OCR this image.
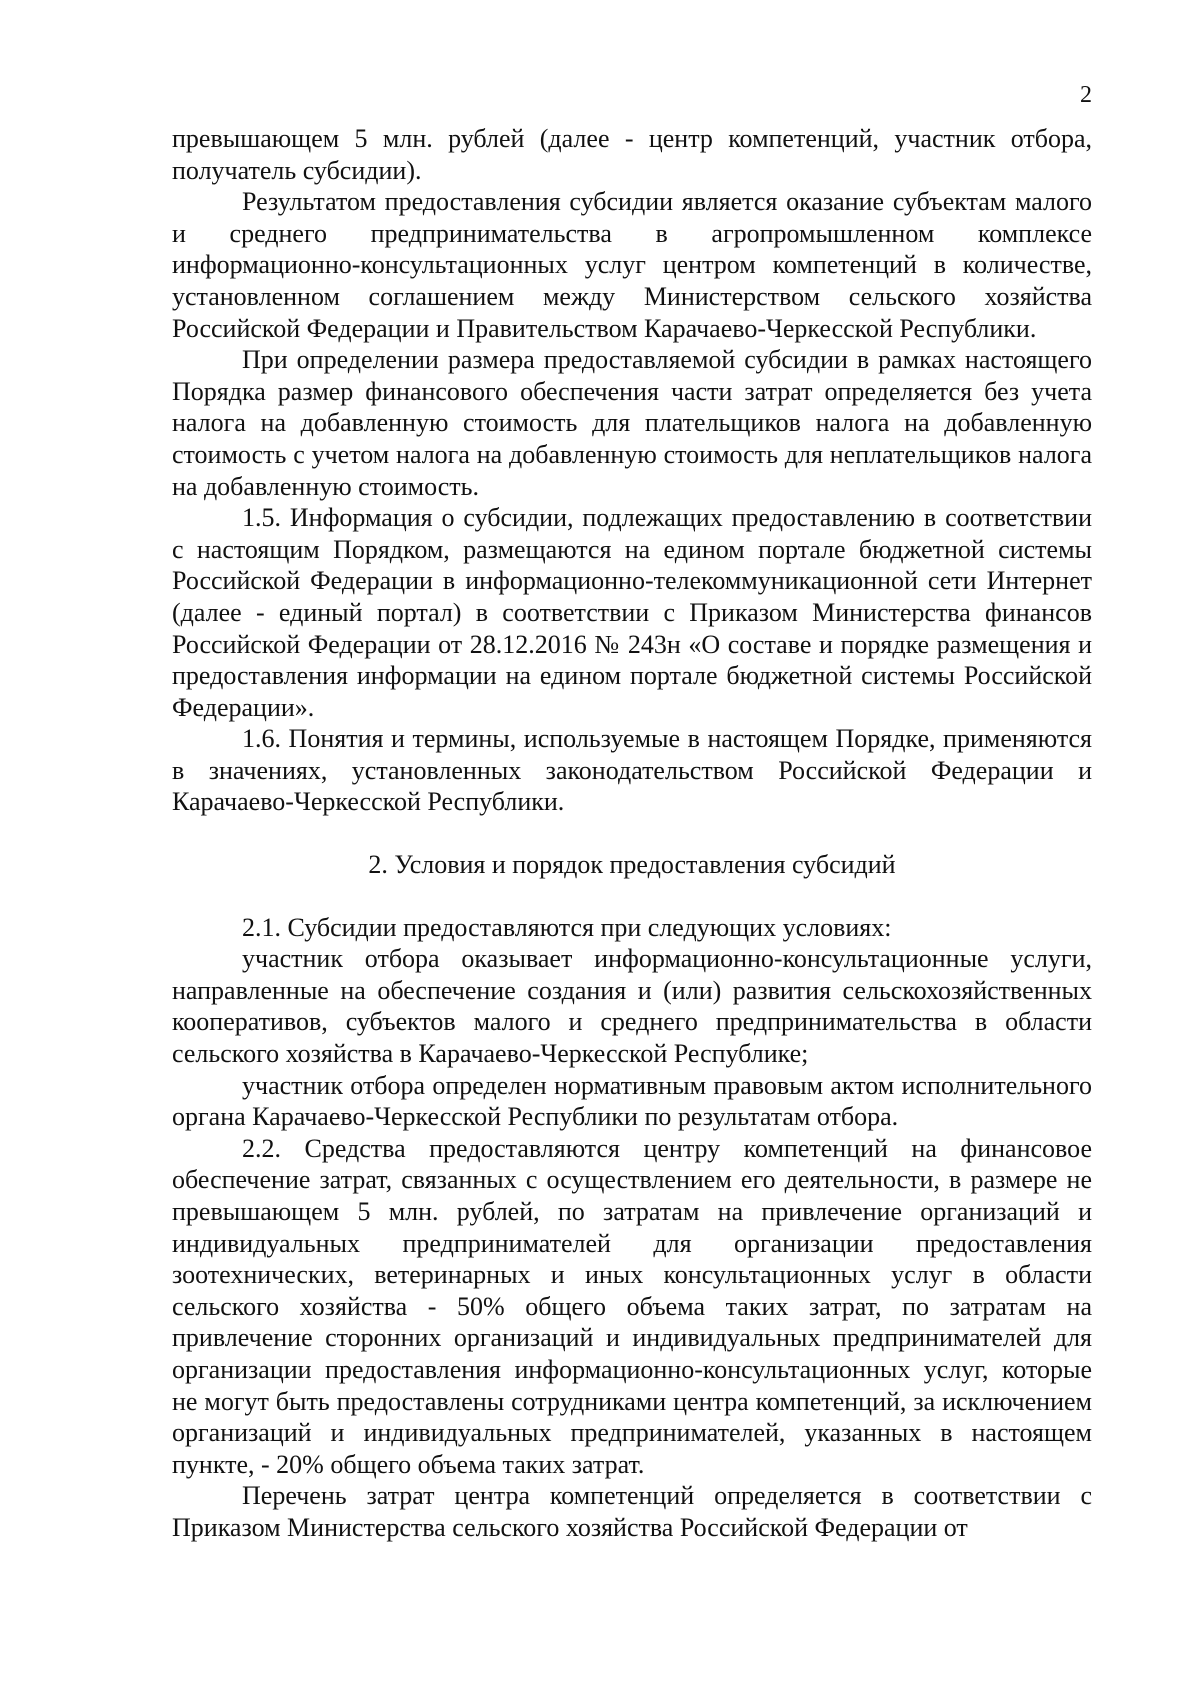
2

превышающем 5 млн. рублей (далее - центр компетенций, участник отбора, получатель субсидии).

Результатом предоставления субсидии является оказание субъектам малого и среднего предпринимательства в агропромышленном комплексе информационно-консультационных услуг центром компетенций в количестве, установленном соглашением между Министерством сельского хозяйства Российской Федерации и Правительством Карачаево-Черкесской Республики.

При определении размера предоставляемой субсидии в рамках настоящего Порядка размер финансового обеспечения части затрат определяется без учета налога на добавленную стоимость для плательщиков налога на добавленную стоимость с учетом налога на добавленную стоимость для неплательщиков налога на добавленную стоимость.

1.5. Информация о субсидии, подлежащих предоставлению в соответствии с настоящим Порядком, размещаются на едином портале бюджетной системы Российской Федерации в информационно-телекоммуникационной сети Интернет (далее - единый портал) в соответствии с Приказом Министерства финансов Российской Федерации от 28.12.2016 № 243н «О составе и порядке размещения и предоставления информации на едином портале бюджетной системы Российской Федерации».

1.6. Понятия и термины, используемые в настоящем Порядке, применяются в значениях, установленных законодательством Российской Федерации и Карачаево-Черкесской Республики.

2. Условия и порядок предоставления субсидий

2.1. Субсидии предоставляются при следующих условиях:

участник отбора оказывает информационно-консультационные услуги, направленные на обеспечение создания и (или) развития сельскохозяйственных кооперативов, субъектов малого и среднего предпринимательства в области сельского хозяйства в Карачаево-Черкесской Республике;

участник отбора определен нормативным правовым актом исполнительного органа Карачаево-Черкесской Республики по результатам отбора.

2.2. Средства предоставляются центру компетенций на финансовое обеспечение затрат, связанных с осуществлением его деятельности, в размере не превышающем 5 млн. рублей, по затратам на привлечение организаций и индивидуальных предпринимателей для организации предоставления зоотехнических, ветеринарных и иных консультационных услуг в области сельского хозяйства - 50% общего объема таких затрат, по затратам на привлечение сторонних организаций и индивидуальных предпринимателей для организации предоставления информационно-консультационных услуг, которые не могут быть предоставлены сотрудниками центра компетенций, за исключением организаций и индивидуальных предпринимателей, указанных в настоящем пункте, - 20% общего объема таких затрат.

Перечень затрат центра компетенций определяется в соответствии с Приказом Министерства сельского хозяйства Российской Федерации от
